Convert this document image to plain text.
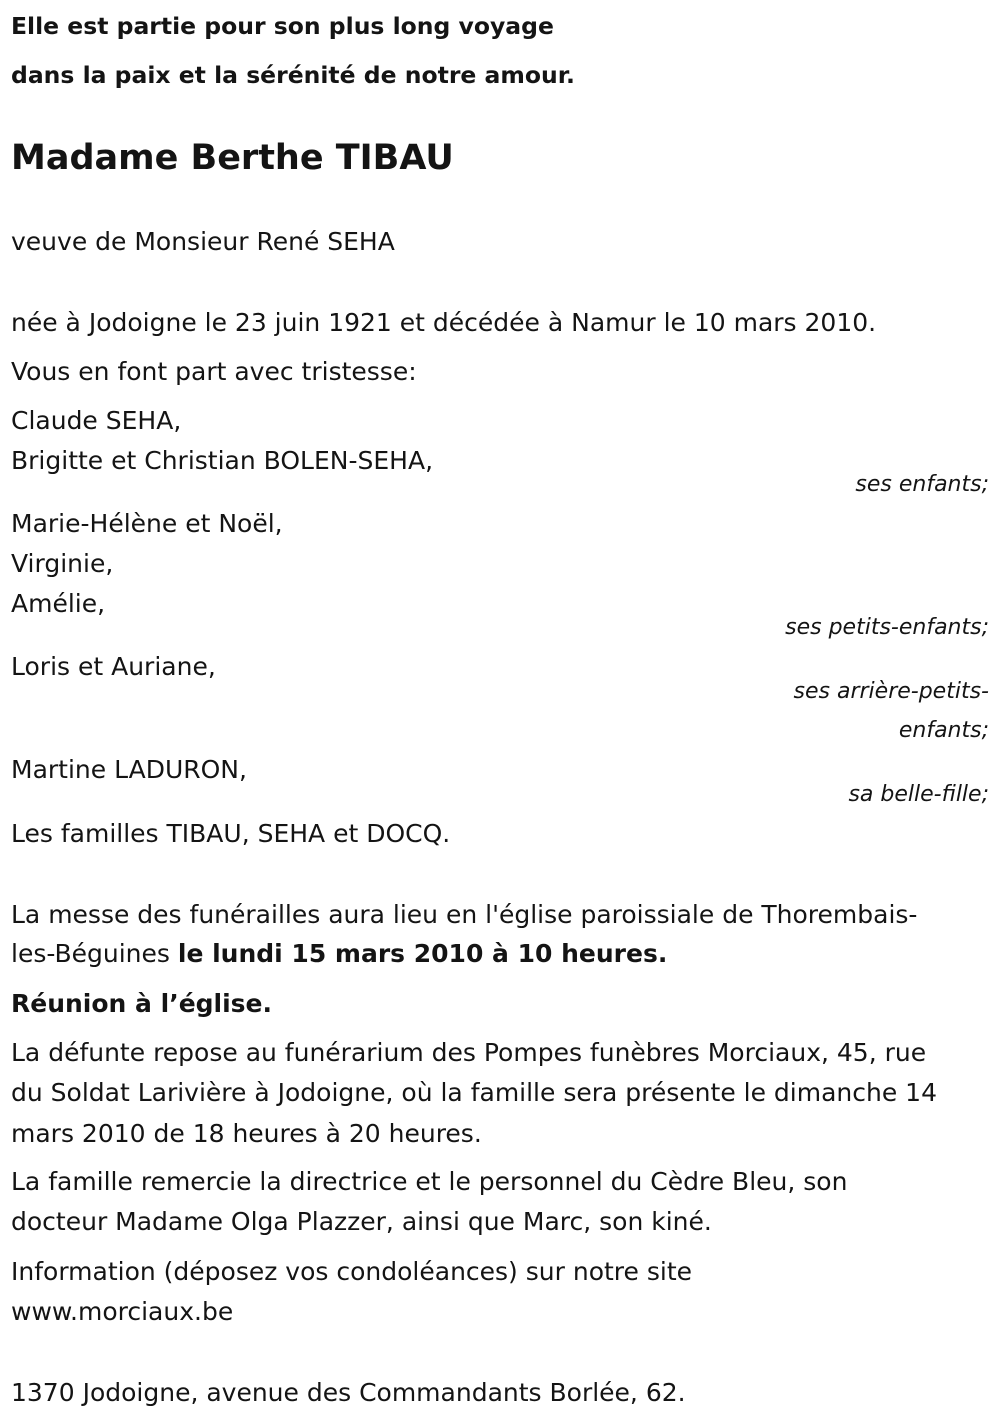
Elle est partie pour son plus long voyage

dans la paix et la sérénité de notre amour.

Madame Berthe TIBAU

veuve de Monsieur René SEHA

née à Jodoigne le 23 juin 1921 et décédée à Namur le 10 mars 2010.

Vous en font part avec tristesse:

Claude SEHA,

Brigitte et Christian BOLEN-SEHA,

ses enfants;

Marie-Hélène et Noël,

Virginie,

Amélie,

ses petits-enfants;

Loris et Auriane,

ses arrière-petits-

enfants;

Martine LADURON,

sa belle-fille;

Les familles TIBAU, SEHA et DOCQ.

La messe des funérailles aura lieu en l'église paroissiale de Thorembais-

les-Béguines le lundi 15 mars 2010 à 10 heures.

Réunion à l’église.

La défunte repose au funérarium des Pompes funèbres Morciaux, 45, rue

du Soldat Larivière à Jodoigne, où la famille sera présente le dimanche 14

mars 2010 de 18 heures à 20 heures.

La famille remercie la directrice et le personnel du Cèdre Bleu, son

docteur Madame Olga Plazzer, ainsi que Marc, son kiné.

Information (déposez vos condoléances) sur notre site

www.morciaux.be

1370 Jodoigne, avenue des Commandants Borlée, 62.
